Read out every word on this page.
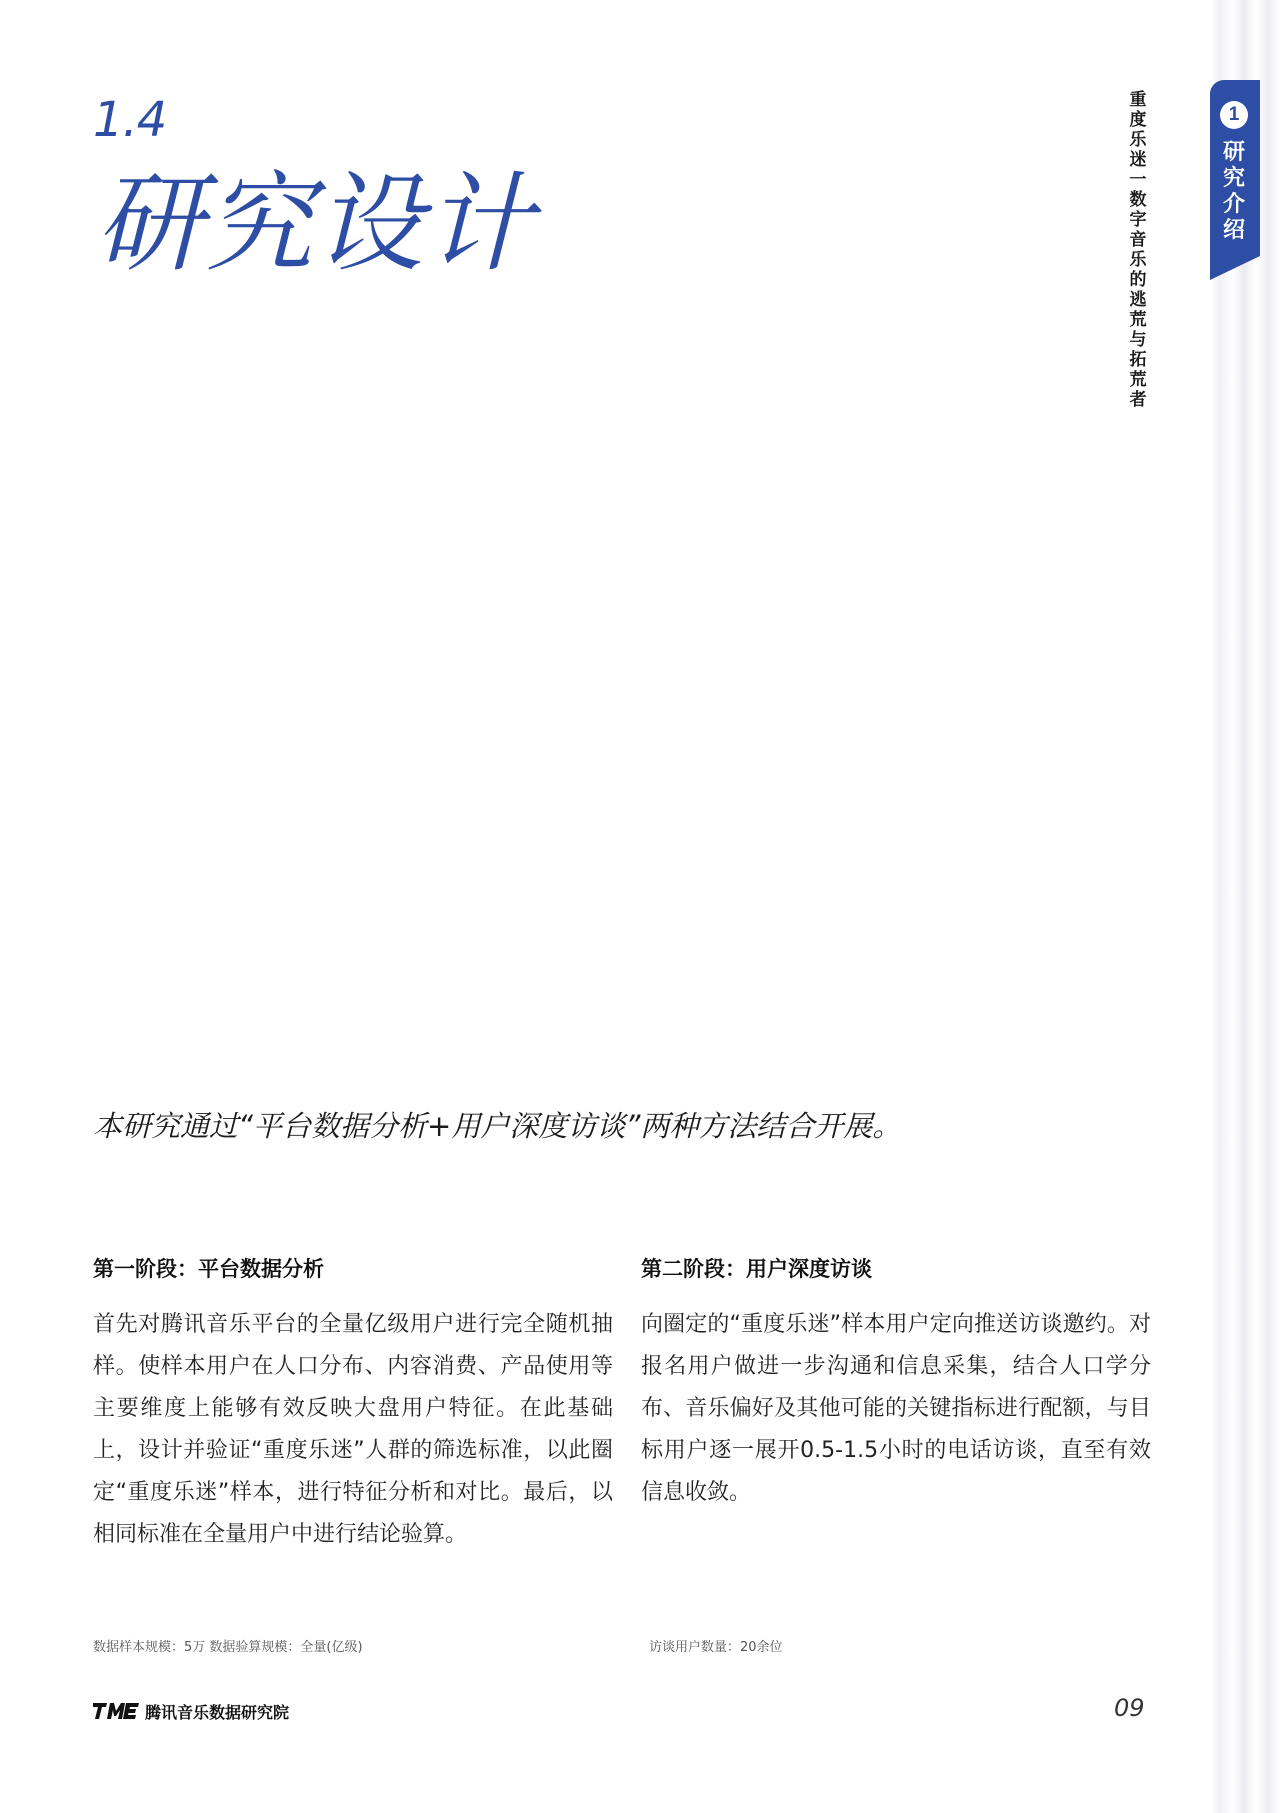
1.4
研究设计
重度乐迷一数字音乐的逃荒与拓荒者
1
研究介绍
本研究通过“平台数据分析+用户深度访谈”两种方法结合开展。

第一阶段：平台数据分析

首先对腾讯音乐平台的全量亿级用户进行完全随机抽样。使样本用户在人口分布、内容消费、产品使用等主要维度上能够有效反映大盘用户特征。在此基础上，设计并验证“重度乐迷”人群的筛选标准，以此圈定“重度乐迷”样本，进行特征分析和对比。最后，以相同标准在全量用户中进行结论验算。

第二阶段：用户深度访谈

向圈定的“重度乐迷”样本用户定向推送访谈邀约。对报名用户做进一步沟通和信息采集，结合人口学分布、音乐偏好及其他可能的关键指标进行配额，与目标用户逐一展开0.5-1.5小时的电话访谈，直至有效信息收敛。

数据样本规模：5万 数据验算规模：全量(亿级)	访谈用户数量：20余位
腾讯音乐数据研究院	09
